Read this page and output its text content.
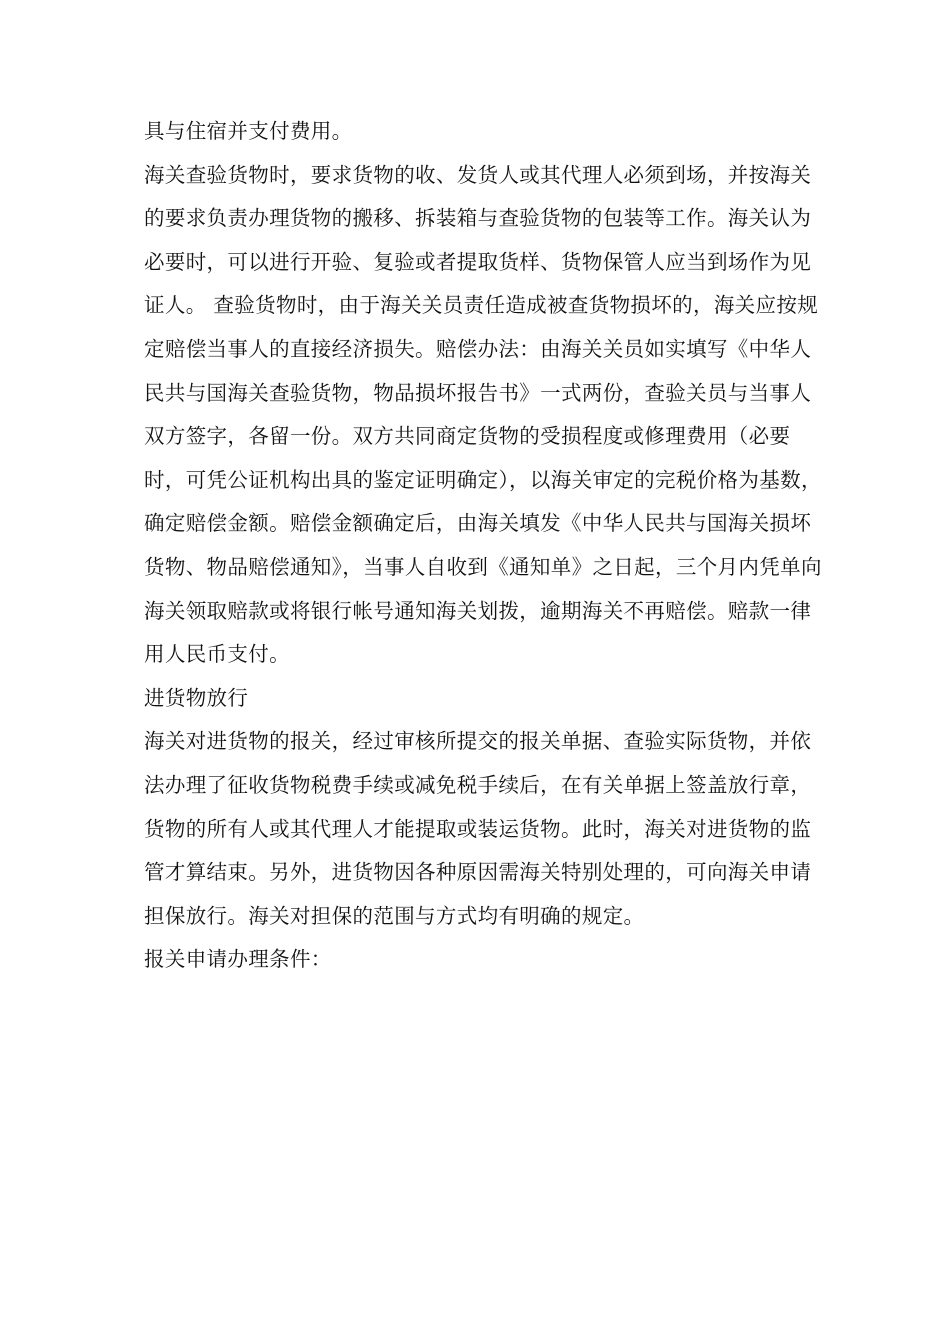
具与住宿并支付费用。

海关查验货物时，要求货物的收、发货人或其代理人必须到场，并按海关的要求负责办理货物的搬移、拆装箱与查验货物的包装等工作。海关认为必要时，可以进行开验、复验或者提取货样、货物保管人应当到场作为见证人。 查验货物时，由于海关关员责任造成被查货物损坏的，海关应按规定赔偿当事人的直接经济损失。赔偿办法：由海关关员如实填写《中华人民共与国海关查验货物，物品损坏报告书》一式两份，查验关员与当事人双方签字，各留一份。双方共同商定货物的受损程度或修理费用（必要时，可凭公证机构出具的鉴定证明确定），以海关审定的完税价格为基数，确定赔偿金额。赔偿金额确定后，由海关填发《中华人民共与国海关损坏货物、物品赔偿通知》，当事人自收到《通知单》之日起，三个月内凭单向海关领取赔款或将银行帐号通知海关划拨，逾期海关不再赔偿。赔款一律用人民币支付。

进货物放行

海关对进货物的报关，经过审核所提交的报关单据、查验实际货物，并依法办理了征收货物税费手续或减免税手续后，在有关单据上签盖放行章，货物的所有人或其代理人才能提取或装运货物。此时，海关对进货物的监管才算结束。另外，进货物因各种原因需海关特别处理的，可向海关申请担保放行。海关对担保的范围与方式均有明确的规定。

报关申请办理条件：
